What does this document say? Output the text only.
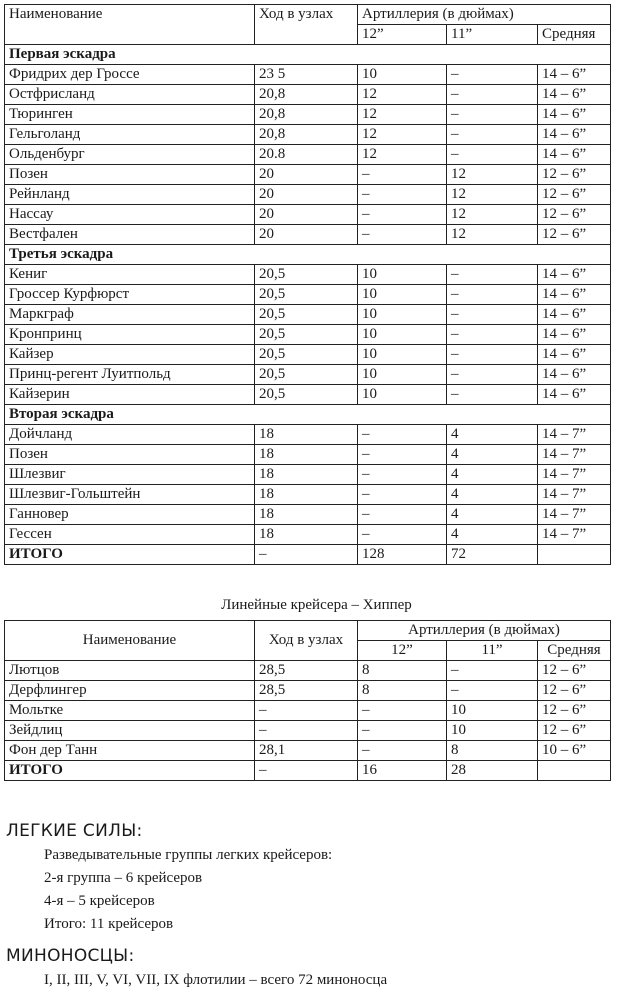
Наименование	Ход в узлах	Артиллерия (в дюймах)		
		12”	11”	Средняя
Первая эскадра				
Фридрих дер Гроссе	23 5	10	–	14 – 6”
Остфрисланд	20,8	12	–	14 – 6”
Тюринген	20,8	12	–	14 – 6”
Гельголанд	20,8	12	–	14 – 6”
Ольденбург	20.8	12	–	14 – 6”
Позен	20	–	12	12 – 6”
Рейнланд	20	–	12	12 – 6”
Нассау	20	–	12	12 – 6”
Вестфален	20	–	12	12 – 6”
Третья эскадра				
Кениг	20,5	10	–	14 – 6”
Гроссер Курфюрст	20,5	10	–	14 – 6”
Маркграф	20,5	10	–	14 – 6”
Кронпринц	20,5	10	–	14 – 6”
Кайзер	20,5	10	–	14 – 6”
Принц-регент Луитпольд	20,5	10	–	14 – 6”
Кайзерин	20,5	10	–	14 – 6”
Вторая эскадра				
Дойчланд	18	–	4	14 – 7”
Позен	18	–	4	14 – 7”
Шлезвиг	18	–	4	14 – 7”
Шлезвиг-Гольштейн	18	–	4	14 – 7”
Ганновер	18	–	4	14 – 7”
Гессен	18	–	4	14 – 7”
ИТОГО	–	128	72	
Линейные крейсера – Хиппер
Наименование	Ход в узлах	Артиллерия (в дюймах)		
		12”	11”	Средняя
Лютцов	28,5	8	–	12 – 6”
Дерфлингер	28,5	8	–	12 – 6”
Мольтке	–	–	10	12 – 6”
Зейдлиц	–	–	10	12 – 6”
Фон дер Танн	28,1	–	8	10 – 6”
ИТОГО	–	16	28	
ЛЕГКИЕ СИЛЫ:
Разведывательные группы легких крейсеров:
2-я группа – 6 крейсеров
4-я – 5 крейсеров
Итого: 11 крейсеров
МИНОНОСЦЫ:
I, II, III, V, VI, VII, IX флотилии – всего 72 миноносца
